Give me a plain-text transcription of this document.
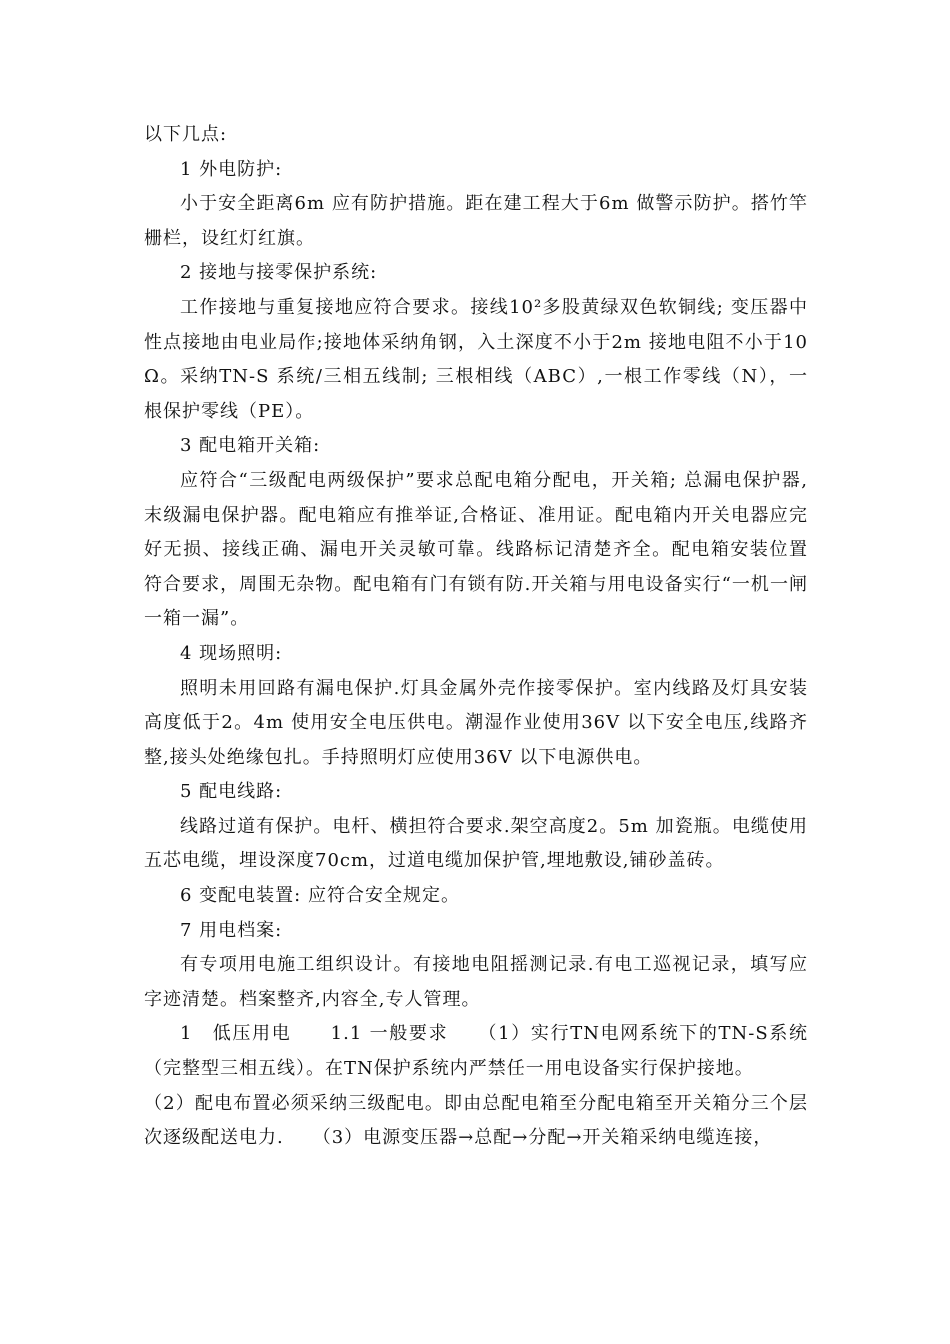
以下几点:

1 外电防护:

小于安全距离6m 应有防护措施。距在建工程大于6m 做警示防护。搭竹竿栅栏，设红灯红旗。

2 接地与接零保护系统:

工作接地与重复接地应符合要求。接线10²多股黄绿双色软铜线; 变压器中性点接地由电业局作;接地体采纳角钢，入土深度不小于2m 接地电阻不小于10Ω。采纳TN-S 系统/三相五线制; 三根相线（ABC）,一根工作零线（N），一根保护零线（PE）。

3 配电箱开关箱:

应符合“三级配电两级保护”要求总配电箱分配电，开关箱; 总漏电保护器,末级漏电保护器。配电箱应有推举证,合格证、准用证。配电箱内开关电器应完好无损、接线正确、漏电开关灵敏可靠。线路标记清楚齐全。配电箱安装位置符合要求，周围无杂物。配电箱有门有锁有防.开关箱与用电设备实行“一机一闸一箱一漏”。

4 现场照明:

照明未用回路有漏电保护.灯具金属外壳作接零保护。室内线路及灯具安装高度低于2。4m 使用安全电压供电。潮湿作业使用36V 以下安全电压,线路齐整,接头处绝缘包扎。手持照明灯应使用36V 以下电源供电。

5 配电线路:

线路过道有保护。电杆、横担符合要求.架空高度2。5m 加瓷瓶。电缆使用五芯电缆，埋设深度70cm，过道电缆加保护管,埋地敷设,铺砂盖砖。

6 变配电装置: 应符合安全规定。

7 用电档案:

有专项用电施工组织设计。有接地电阻摇测记录.有电工巡视记录，填写应字迹清楚。档案整齐,内容全,专人管理。

1　低压用电　　1.1 一般要求　　（1）实行TN电网系统下的TN-S系统（完整型三相五线）。在TN保护系统内严禁任一用电设备实行保护接地。

（2）配电布置必须采纳三级配电。即由总配电箱至分配电箱至开关箱分三个层次逐级配送电力.　　（3）电源变压器→总配→分配→开关箱采纳电缆连接，
